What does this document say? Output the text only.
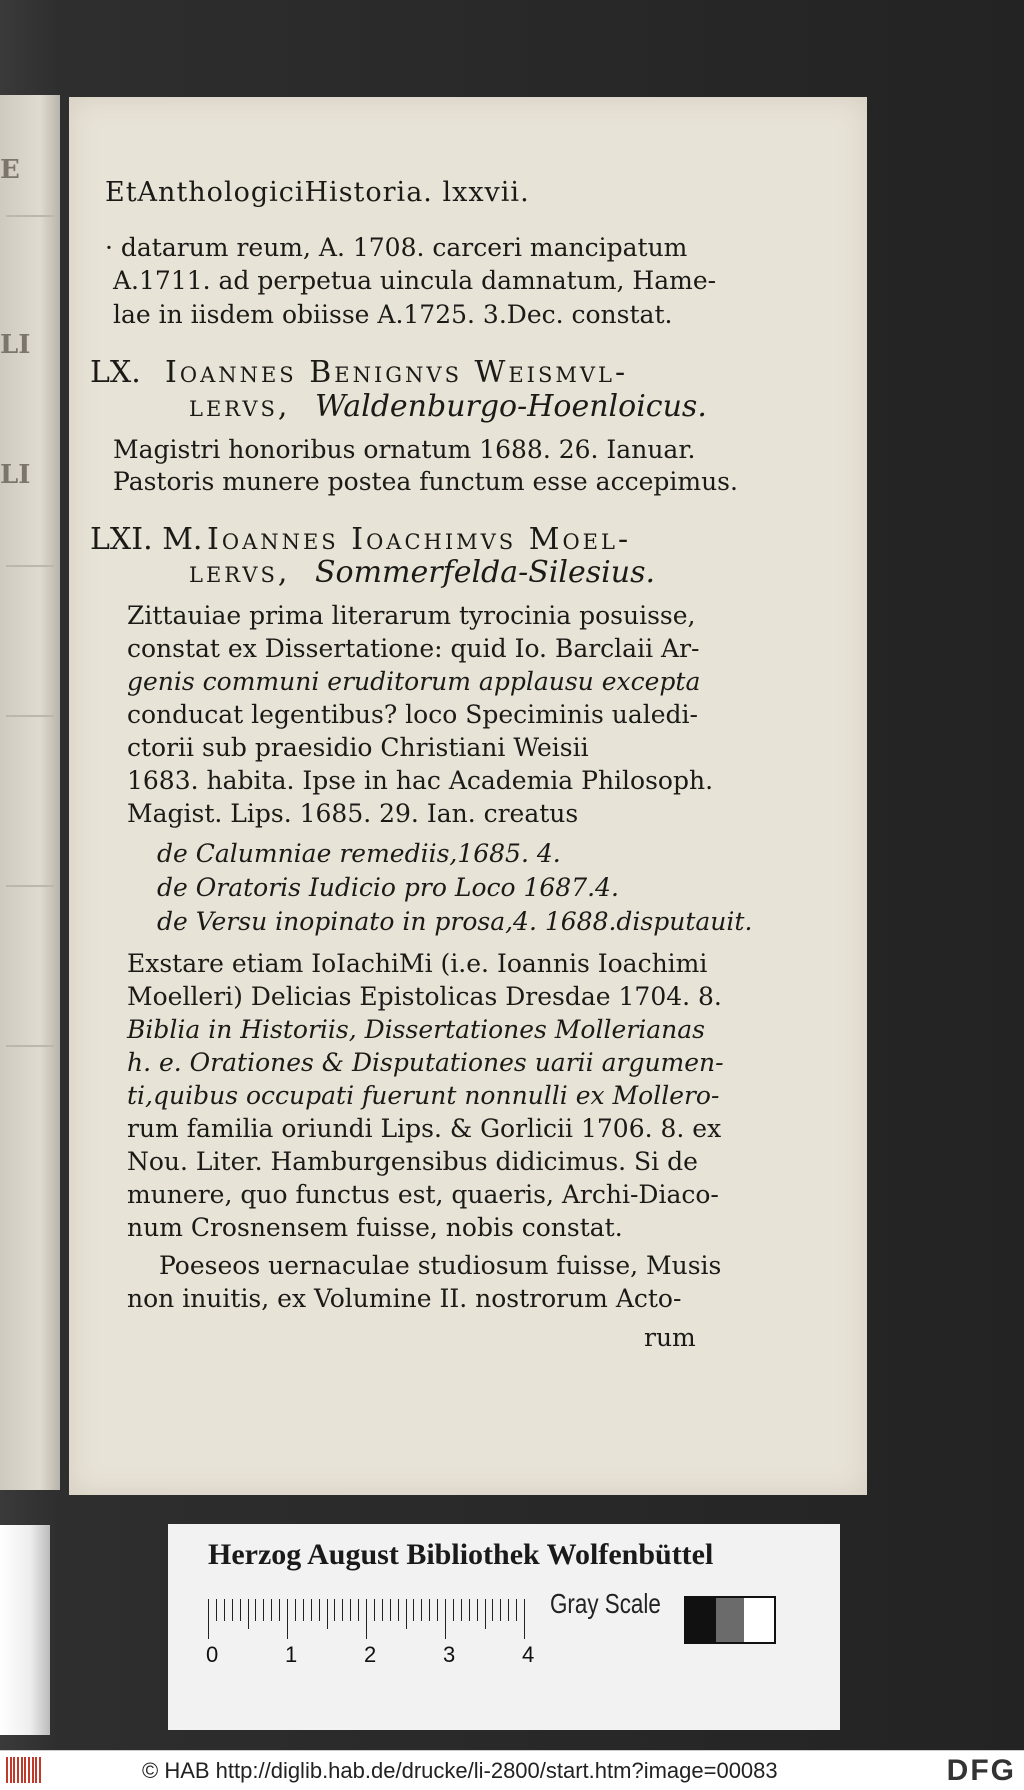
E
LI
LI
EtAnthologiciHistoria. lxxvii.
· datarum reum, A. 1708. carceri mancipatum
A.1711. ad perpetua uincula damnatum, Hame-
lae in iisdem obiisse A.1725. 3.Dec. constat.
LX. Ioannes Benignvs Weismvl-
lervs, Waldenburgo-Hoenloicus.
Magistri honoribus ornatum 1688. 26. Ianuar.
Pastoris munere postea functum esse accepimus.
LXI. M. Ioannes Ioachimvs Moel-
lervs, Sommerfelda-Silesius.
Zittauiae prima literarum tyrocinia posuisse,
constat ex Dissertatione: quid Io. Barclaii Ar-
genis communi eruditorum applausu excepta
conducat legentibus? loco Speciminis ualedi-
ctorii sub praesidio Christiani Weisii
1683. habita. Ipse in hac Academia Philosoph.
Magist. Lips. 1685. 29. Ian. creatus
de Calumniae remediis,1685. 4.
de Oratoris Iudicio pro Loco 1687.4.
de Versu inopinato in prosa,4. 1688.disputauit.
Exstare etiam IoIachiMi (i.e. Ioannis Ioachimi
Moelleri) Delicias Epistolicas Dresdae 1704. 8.
Biblia in Historiis, Dissertationes Mollerianas
h. e. Orationes & Disputationes uarii argumen-
ti,quibus occupati fuerunt nonnulli ex Mollero-
rum familia oriundi Lips. & Gorlicii 1706. 8. ex
Nou. Liter. Hamburgensibus didicimus. Si de
munere, quo functus est, quaeris, Archi-Diaco-
num Crosnensem fuisse, nobis constat.
Poeseos uernaculae studiosum fuisse, Musis
non inuitis, ex Volumine II. nostrorum Acto-
rum
Herzog August Bibliothek Wolfenbüttel
0	1	2	3	4
Gray Scale
© HAB http://diglib.hab.de/drucke/li-2800/start.htm?image=00083	DFG
